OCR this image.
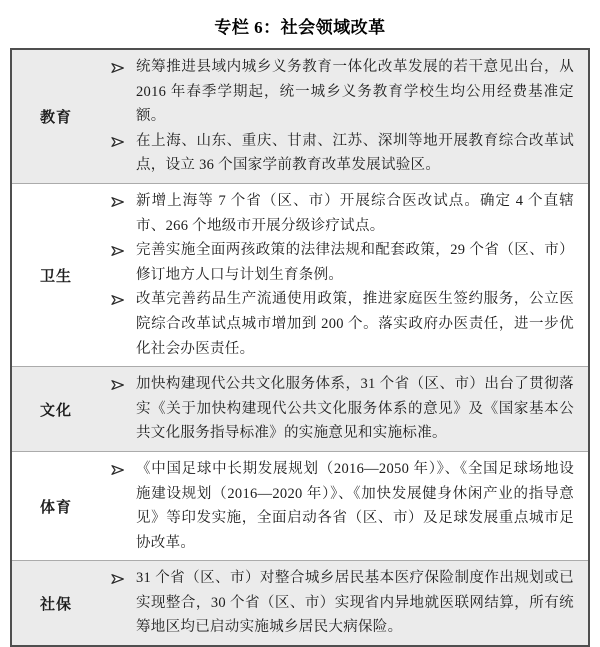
专栏 6：社会领域改革
教育
统筹推进县域内城乡义务教育一体化改革发展的若干意见出台，从 2016 年春季学期起，统一城乡义务教育学校生均公用经费基准定额。
在上海、山东、重庆、甘肃、江苏、深圳等地开展教育综合改革试点，设立 36 个国家学前教育改革发展试验区。
卫生
新增上海等 7 个省（区、市）开展综合医改试点。确定 4 个直辖市、266 个地级市开展分级诊疗试点。
完善实施全面两孩政策的法律法规和配套政策，29 个省（区、市）修订地方人口与计划生育条例。
改革完善药品生产流通使用政策，推进家庭医生签约服务，公立医院综合改革试点城市增加到 200 个。落实政府办医责任，进一步优化社会办医责任。
文化
加快构建现代公共文化服务体系，31 个省（区、市）出台了贯彻落实《关于加快构建现代公共文化服务体系的意见》及《国家基本公共文化服务指导标准》的实施意见和实施标准。
体育
《中国足球中长期发展规划（2016—2050 年）》、《全国足球场地设施建设规划（2016—2020 年）》、《加快发展健身休闲产业的指导意见》等印发实施，全面启动各省（区、市）及足球发展重点城市足协改革。
社保
31 个省（区、市）对整合城乡居民基本医疗保险制度作出规划或已实现整合，30 个省（区、市）实现省内异地就医联网结算，所有统筹地区均已启动实施城乡居民大病保险。
